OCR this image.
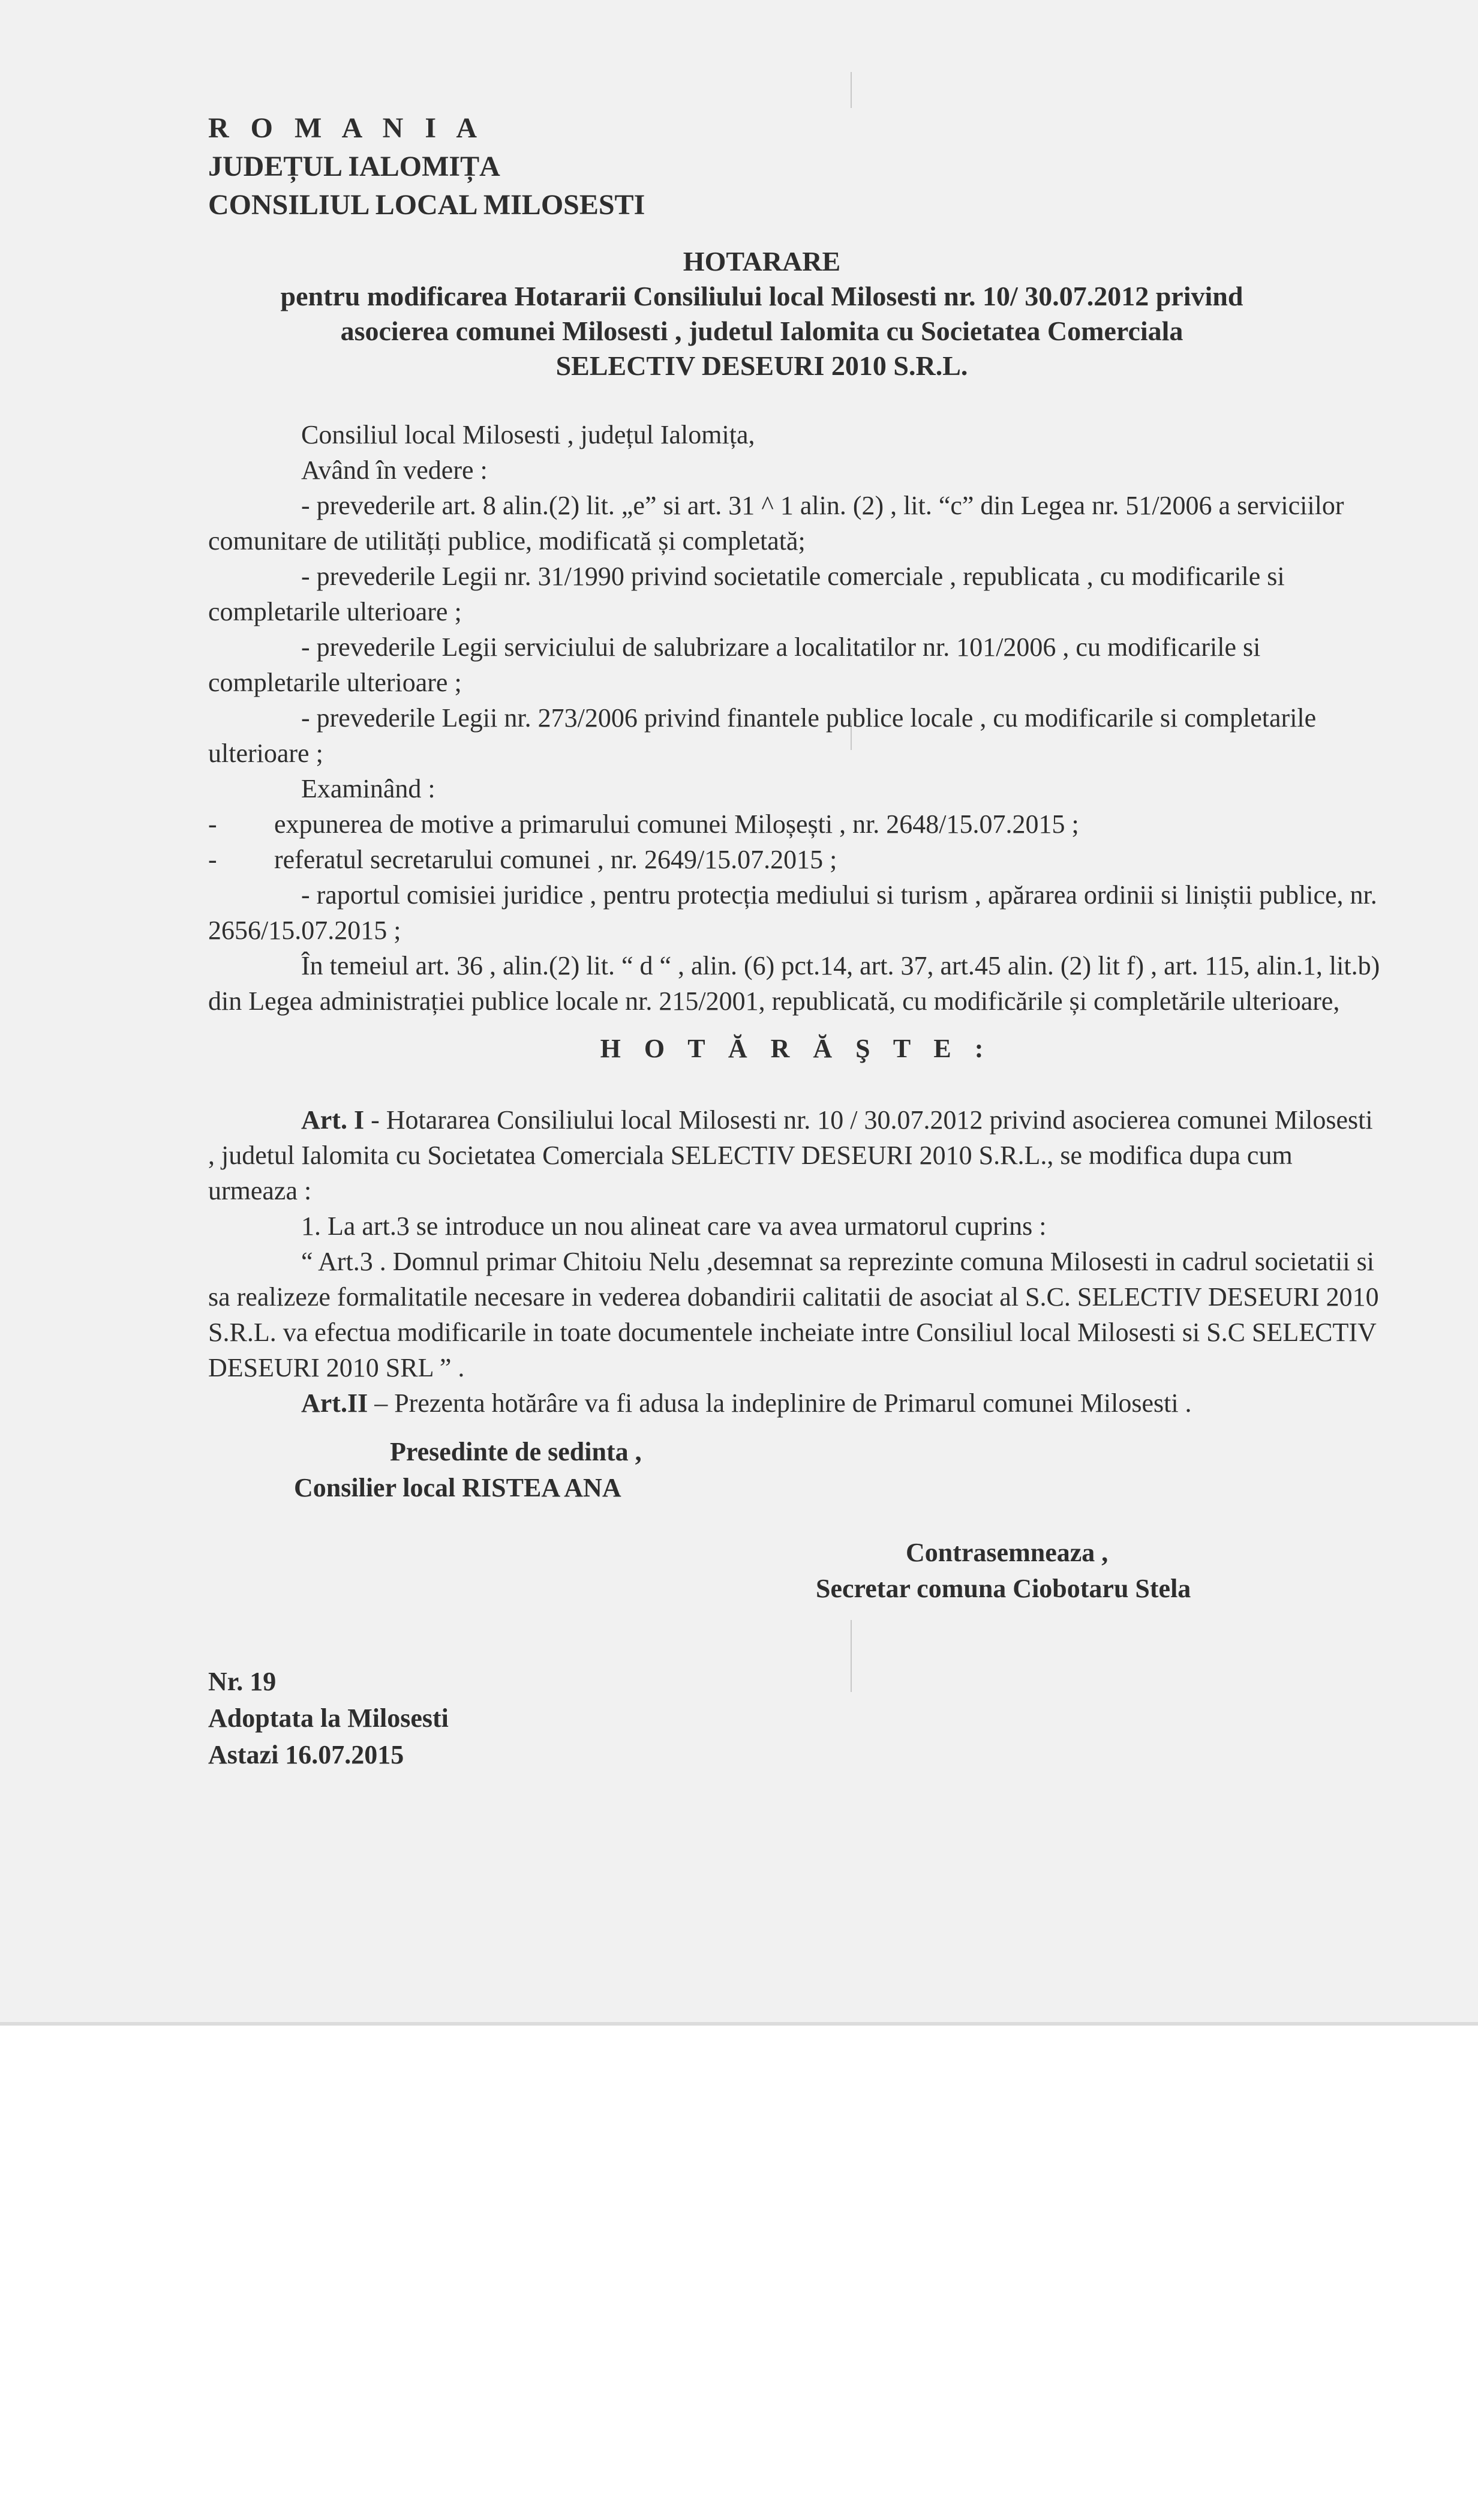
R O M A N I A
JUDEȚUL IALOMIȚA
CONSILIUL LOCAL MILOSESTI
HOTARARE
pentru modificarea Hotararii Consiliului local Milosesti nr. 10/ 30.07.2012 privind
asocierea comunei Milosesti , judetul Ialomita cu Societatea Comerciala
SELECTIV DESEURI 2010 S.R.L.

Consiliul local Milosesti , județul Ialomița,

Având în vedere :

- prevederile art. 8 alin.(2) lit. „e” si art. 31 ^ 1 alin. (2) , lit. “c” din Legea nr. 51/2006 a serviciilor comunitare de utilități publice, modificată și completată;

- prevederile Legii nr. 31/1990 privind societatile comerciale , republicata , cu modificarile si completarile ulterioare ;

- prevederile Legii serviciului de salubrizare a localitatilor nr. 101/2006 , cu modificarile si completarile ulterioare ;

- prevederile Legii nr. 273/2006 privind finantele publice locale , cu modificarile si completarile ulterioare ;

Examinând :

- expunerea de motive a primarului comunei Miloșești , nr. 2648/15.07.2015 ;

- referatul secretarului comunei , nr. 2649/15.07.2015 ;

- raportul comisiei juridice , pentru protecția mediului si turism , apărarea ordinii si liniștii publice, nr. 2656/15.07.2015 ;

În temeiul art. 36 , alin.(2) lit. “ d “ , alin. (6) pct.14, art. 37, art.45 alin. (2) lit f) , art. 115, alin.1, lit.b) din Legea administrației publice locale nr. 215/2001, republicată, cu modificările și completările ulterioare,

H O T Ă R Ă Ş T E :

Art. I - Hotararea Consiliului local Milosesti nr. 10 / 30.07.2012 privind asocierea comunei Milosesti , judetul Ialomita cu Societatea Comerciala SELECTIV DESEURI 2010 S.R.L., se modifica dupa cum urmeaza :

1. La art.3 se introduce un nou alineat care va avea urmatorul cuprins :

“ Art.3 . Domnul primar Chitoiu Nelu ,desemnat sa reprezinte comuna Milosesti in cadrul societatii si sa realizeze formalitatile necesare in vederea dobandirii calitatii de asociat al S.C. SELECTIV DESEURI 2010 S.R.L. va efectua modificarile in toate documentele incheiate intre Consiliul local Milosesti si S.C SELECTIV DESEURI 2010 SRL ” .

Art.II – Prezenta hotărâre va fi adusa la indeplinire de Primarul comunei Milosesti .

Presedinte de sedinta ,
Consilier local RISTEA ANA
Contrasemneaza ,
Secretar comuna Ciobotaru Stela
Nr. 19
Adoptata la Milosesti
Astazi 16.07.2015
